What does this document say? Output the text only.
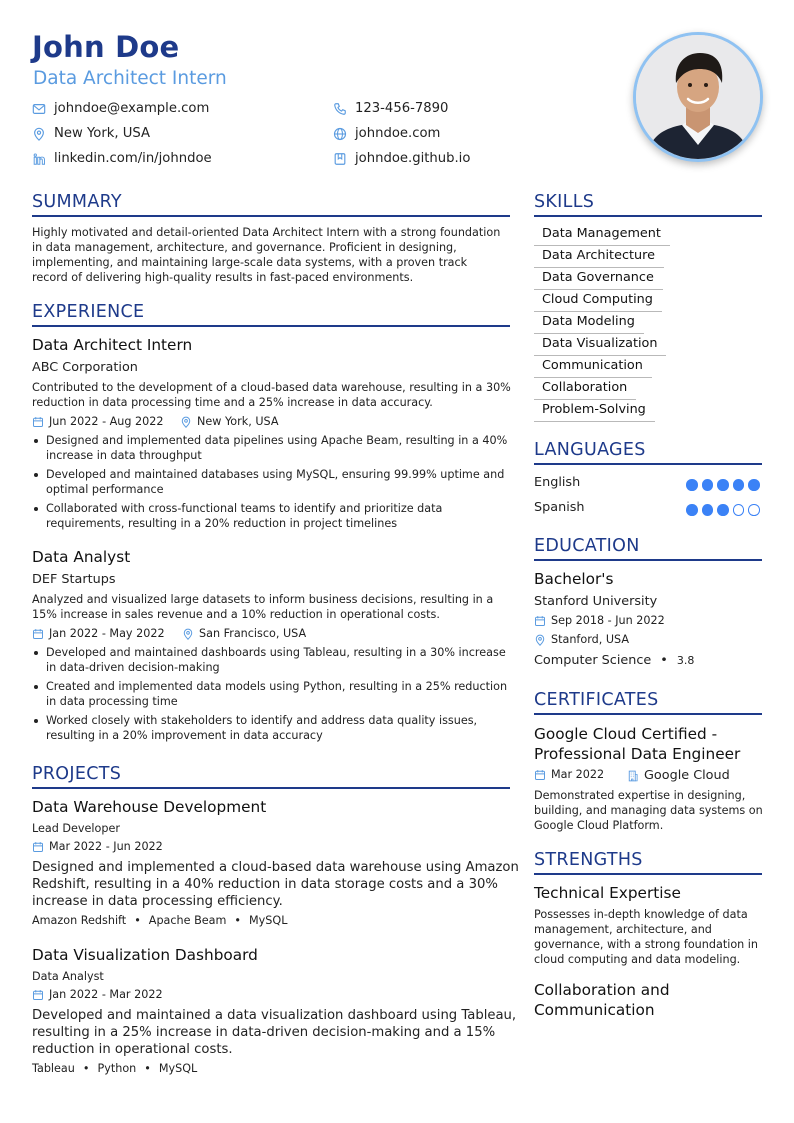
John Doe
Data Architect Intern
johndoe@example.com	123-456-7890
New York, USA	johndoe.com
linkedin.com/in/johndoe	johndoe.github.io
SUMMARY
Highly motivated and detail-oriented Data Architect Intern with a strong foundation
in data management, architecture, and governance. Proficient in designing,
implementing, and maintaining large-scale data systems, with a proven track
record of delivering high-quality results in fast-paced environments.
EXPERIENCE
Data Architect Intern
ABC Corporation
Contributed to the development of a cloud-based data warehouse, resulting in a 30%
reduction in data processing time and a 25% increase in data accuracy.
Jun 2022 - Aug 2022	New York, USA
Designed and implemented data pipelines using Apache Beam, resulting in a 40%
increase in data throughput
Developed and maintained databases using MySQL, ensuring 99.99% uptime and
optimal performance
Collaborated with cross-functional teams to identify and prioritize data
requirements, resulting in a 20% reduction in project timelines
Data Analyst
DEF Startups
Analyzed and visualized large datasets to inform business decisions, resulting in a
15% increase in sales revenue and a 10% reduction in operational costs.
Jan 2022 - May 2022	San Francisco, USA
Developed and maintained dashboards using Tableau, resulting in a 30% increase
in data-driven decision-making
Created and implemented data models using Python, resulting in a 25% reduction
in data processing time
Worked closely with stakeholders to identify and address data quality issues,
resulting in a 20% improvement in data accuracy
PROJECTS
Data Warehouse Development
Lead Developer
Mar 2022 - Jun 2022
Designed and implemented a cloud-based data warehouse using Amazon
Redshift, resulting in a 40% reduction in data storage costs and a 30%
increase in data processing efficiency.
Amazon Redshift • Apache Beam • MySQL
Data Visualization Dashboard
Data Analyst
Jan 2022 - Mar 2022
Developed and maintained a data visualization dashboard using Tableau,
resulting in a 25% increase in data-driven decision-making and a 15%
reduction in operational costs.
Tableau • Python • MySQL
SKILLS
Data Management
Data Architecture
Data Governance
Cloud Computing
Data Modeling
Data Visualization
Communication
Collaboration
Problem-Solving
LANGUAGES
English
Spanish
EDUCATION
Bachelor's
Stanford University
Sep 2018 - Jun 2022
Stanford, USA
Computer Science • 3.8
CERTIFICATES
Google Cloud Certified -
Professional Data Engineer
Mar 2022	Google Cloud
Demonstrated expertise in designing,
building, and managing data systems on
Google Cloud Platform.
STRENGTHS
Technical Expertise
Possesses in-depth knowledge of data
management, architecture, and
governance, with a strong foundation in
cloud computing and data modeling.
Collaboration and
Communication
